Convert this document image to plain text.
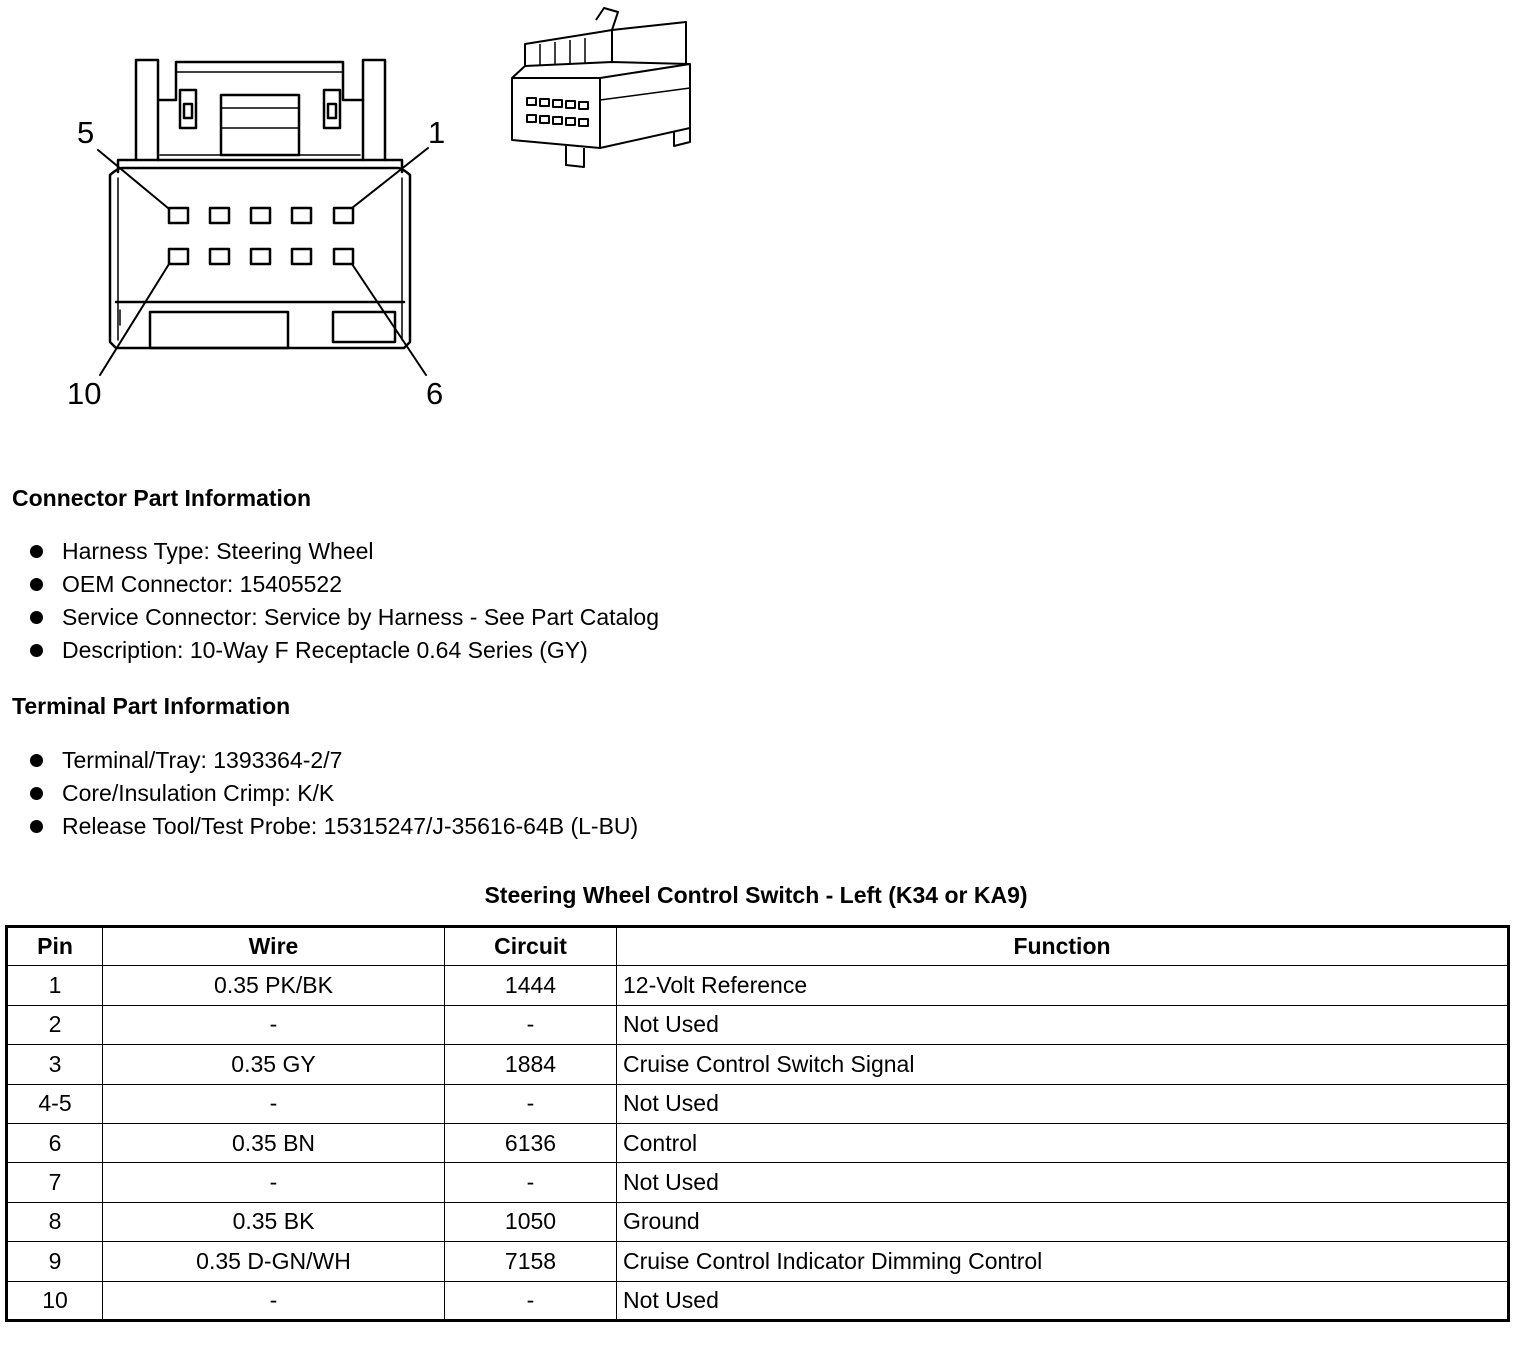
5	1
10	6
Connector Part Information
Harness Type: Steering Wheel
OEM Connector: 15405522
Service Connector: Service by Harness - See Part Catalog
Description: 10-Way F Receptacle 0.64 Series (GY)
Terminal Part Information
Terminal/Tray: 1393364-2/7
Core/Insulation Crimp: K/K
Release Tool/Test Probe: 15315247/J-35616-64B (L-BU)
Steering Wheel Control Switch - Left (K34 or KA9)
Pin	Wire	Circuit	Function
1	0.35 PK/BK	1444	12-Volt Reference
2	-	-	Not Used
3	0.35 GY	1884	Cruise Control Switch Signal
4-5	-	-	Not Used
6	0.35 BN	6136	Control
7	-	-	Not Used
8	0.35 BK	1050	Ground
9	0.35 D-GN/WH	7158	Cruise Control Indicator Dimming Control
10	-	-	Not Used
